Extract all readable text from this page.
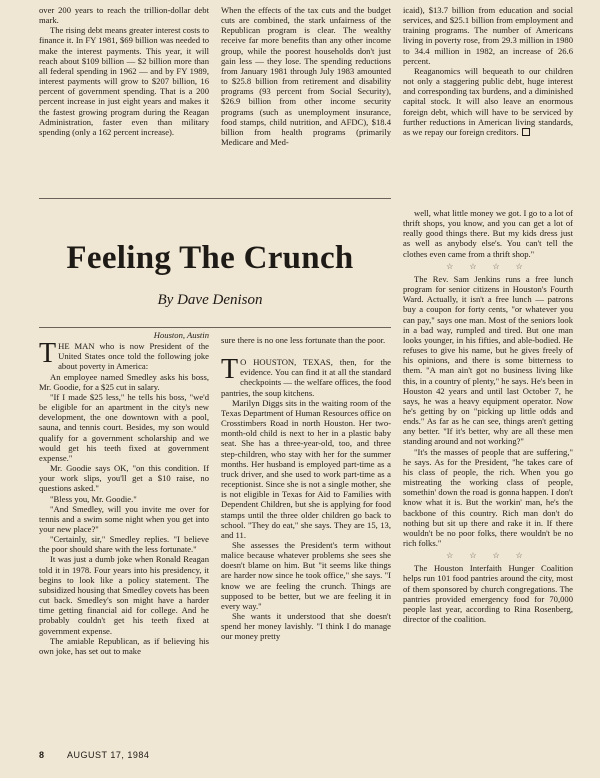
over 200 years to reach the trillion-dollar debt mark.

The rising debt means greater interest costs to finance it. In FY 1981, $69 billion was needed to make the interest payments. This year, it will reach about $109 billion — $2 billion more than all federal spending in 1962 — and by FY 1989, interest payments will grow to $207 billion, 16 percent of government spending. That is a 200 percent increase in just eight years and makes it the fastest growing program during the Reagan Administration, faster even than military spending (only a 162 percent increase).

When the effects of the tax cuts and the budget cuts are combined, the stark unfairness of the Republican program is clear. The wealthy receive far more benefits than any other income group, while the poorest households don't just gain less — they lose. The spending reductions from January 1981 through July 1983 amounted to $25.8 billion from retirement and disability programs (93 percent from Social Security), $26.9 billion from other income security programs (such as unemployment insurance, food stamps, child nutrition, and AFDC), $18.4 billion from health programs (primarily Medicare and Med-

icaid), $13.7 billion from education and social services, and $25.1 billion from employment and training programs. The number of Americans living in poverty rose, from 29.3 million in 1980 to 34.4 million in 1982, an increase of 26.6 percent.

Reaganomics will bequeath to our children not only a staggering public debt, huge interest and corresponding tax burdens, and a diminished capital stock. It will also leave an enormous foreign debt, which will have to be serviced by further reductions in American living standards, as we repay our foreign creditors.

Feeling The Crunch
By Dave Denison
Houston, Austin
T HE MAN who is now President of the United States once told the following joke about poverty in America:

An employee named Smedley asks his boss, Mr. Goodie, for a $25 cut in salary.

"If I made $25 less," he tells his boss, "we'd be eligible for an apartment in the city's new development, the one downtown with a pool, sauna, and tennis court. Besides, my son would qualify for a government scholarship and we would get his teeth fixed at government expense."

Mr. Goodie says OK, "on this condition. If your work slips, you'll get a $10 raise, no questions asked."

"Bless you, Mr. Goodie."

"And Smedley, will you invite me over for tennis and a swim some night when you get into your new place?"

"Certainly, sir," Smedley replies. "I believe the poor should share with the less fortunate."

It was just a dumb joke when Ronald Reagan told it in 1978. Four years into his presidency, it begins to look like a policy statement. The subsidized housing that Smedley covets has been cut back. Smedley's son might have a harder time getting financial aid for college. And he probably couldn't get his teeth fixed at government expense.

The amiable Republican, as if believing his own joke, has set out to make

sure there is no one less fortunate than the poor.

T O HOUSTON, TEXAS, then, for the evidence. You can find it at all the standard checkpoints — the welfare offices, the food pantries, the soup kitchens.

Marilyn Diggs sits in the waiting room of the Texas Department of Human Resources office on Crosstimbers Road in north Houston. Her two-month-old child is next to her in a plastic baby seat. She has a three-year-old, too, and three step-children, who stay with her for the summer months. Her husband is employed part-time as a truck driver, and she used to work part-time as a receptionist. Since she is not a single mother, she is not eligible in Texas for Aid to Families with Dependent Children, but she is applying for food stamps until the three older children go back to school. "They do eat," she says. They are 15, 13, and 11.

She assesses the President's term without malice because whatever problems she sees she doesn't blame on him. But "it seems like things are harder now since he took office," she says. "I know we are feeling the crunch. Things are supposed to be better, but we are feeling it in every way."

She wants it understood that she doesn't spend her money lavishly. "I think I do manage our money pretty

well, what little money we got. I go to a lot of thrift shops, you know, and you can get a lot of really good things there. But my kids dress just as well as anybody else's. You can't tell the clothes even came from a thrift shop."

☆ ☆ ☆ ☆

The Rev. Sam Jenkins runs a free lunch program for senior citizens in Houston's Fourth Ward. Actually, it isn't a free lunch — patrons buy a coupon for forty cents, "or whatever you can pay," says one man. Most of the seniors look in a bad way, rumpled and tired. But one man looks younger, in his fifties, and able-bodied. He refuses to give his name, but he gives freely of his opinions, and there is some bitterness to them. "A man ain't got no business living like this, in a country of plenty," he says. He's been in Houston 42 years and until last October 7, he says, he was a heavy equipment operator. Now he's getting by on "picking up little odds and ends." As far as he can see, things aren't getting any better. "If it's better, why are all these men standing around and not working?"

"It's the masses of people that are suffering," he says. As for the President, "he takes care of his class of people, the rich. When you go mistreating the working class of people, somethin' down the road is gonna happen. I don't know what it is. But the workin' man, he's the backbone of this country. Rich man don't do nothing but sit up there and rake it in. If there wouldn't be no poor folks, there wouldn't be no rich folks."

☆ ☆ ☆ ☆

The Houston Interfaith Hunger Coalition helps run 101 food pantries around the city, most of them sponsored by church congregations. The pantries provided emergency food for 70,000 people last year, according to Rina Rosenberg, director of the coalition.

8	AUGUST 17, 1984
